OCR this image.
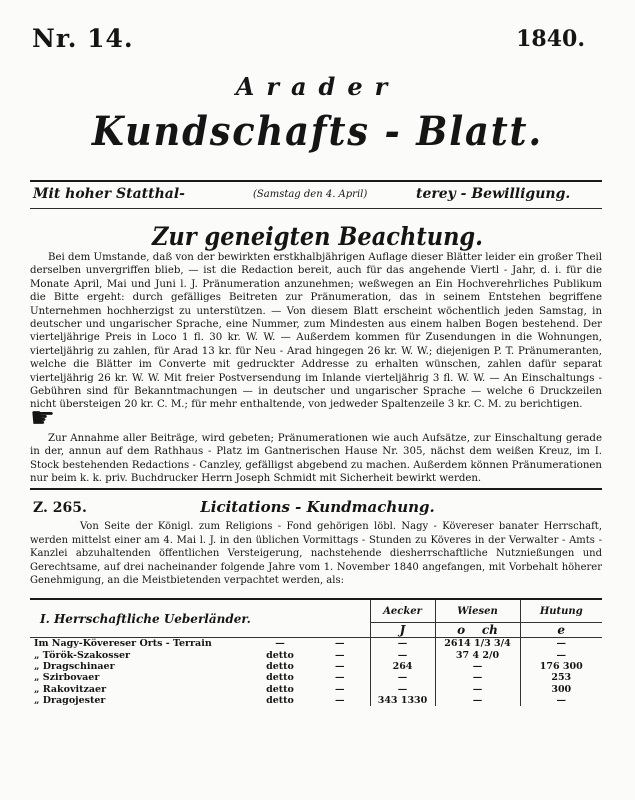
Nr. 14.	1840.
Arader
Kundschafts - Blatt.
Mit hoher Statthal-	(Samstag den 4. April)	terey - Bewilligung.
Zur geneigten Beachtung.
Bei dem Umstande, daß von der bewirkten erstkhalbjährigen Auflage dieser Blätter leider ein großer Theil derselben unvergriffen blieb, — ist die Redaction bereit, auch für das angehende Viertl - Jahr, d. i. für die Monate April, Mai und Juni l. J. Pränumeration anzunehmen; weßwegen an Ein Hochverehrliches Publikum die Bitte ergeht: durch gefälliges Beitreten zur Pränumeration, das in seinem Entstehen begriffene Unternehmen hochherzigst zu unterstützen. — Von diesem Blatt erscheint wöchentlich jeden Samstag, in deutscher und ungarischer Sprache, eine Nummer, zum Mindesten aus einem halben Bogen bestehend. Der vierteljährige Preis in Loco 1 fl. 30 kr. W. W. — Außerdem kommen für Zusendungen in die Wohnungen, vierteljährig zu zahlen, für Arad 13 kr. für Neu - Arad hingegen 26 kr. W. W.; diejenigen P. T. Pränumeranten, welche die Blätter im Converte mit gedruckter Addresse zu erhalten wünschen, zahlen dafür separat vierteljährig 26 kr. W. W. Mit freier Postversendung im Inlande vierteljährig 3 fl. W. W. — An Einschaltungs - Gebühren sind für Bekanntmachungen — in deutscher und ungarischer Sprache — welche 6 Druckzeilen nicht übersteigen 20 kr. C. M.; für mehr enthaltende, von jedweder Spaltenzeile 3 kr. C. M. zu berichtigen.
☛
Zur Annahme aller Beiträge, wird gebeten; Pränumerationen wie auch Aufsätze, zur Einschaltung gerade in der, annun auf dem Rathhaus - Platz im Gantnerischen Hause Nr. 305, nächst dem weißen Kreuz, im I. Stock bestehenden Redactions - Canzley, gefälligst abgebend zu machen. Außerdem können Pränumerationen nur beim k. k. priv. Buchdrucker Herrn Joseph Schmidt mit Sicherheit bewirkt werden.
Z. 265.	Licitations - Kundmachung.
Von Seite der Königl. zum Religions - Fond gehörigen löbl. Nagy - Kövereser banater Herrschaft, werden mittelst einer am 4. Mai l. J. in den üblichen Vormittags - Stunden zu Köveres in der Verwalter - Amts - Kanzlei abzuhaltenden öffentlichen Versteigerung, nachstehende diesherrschaftliche Nutznießungen und Gerechtsame, auf drei nacheinander folgende Jahre vom 1. November 1840 angefangen, mit Vorbehalt höherer Genehmigung, an die Meistbietenden verpachtet werden, als:
I. Herrschaftliche Ueberländer.			Aecker	Wiesen	Hutung
			J	o ch	e
Im Nagy-Kövereser Orts - Terrain	—	—	—	2614 1/3 3/4	—
„ Török-Szakosser	detto	—	—	37 4 2/0	—
„ Dragschinaer	detto	—	264	—	176 300
„ Szirbovaer	detto	—	—	—	253
„ Rakovitzaer	detto	—	—	—	300
„ Dragojester	detto	—	343 1330	—	—
